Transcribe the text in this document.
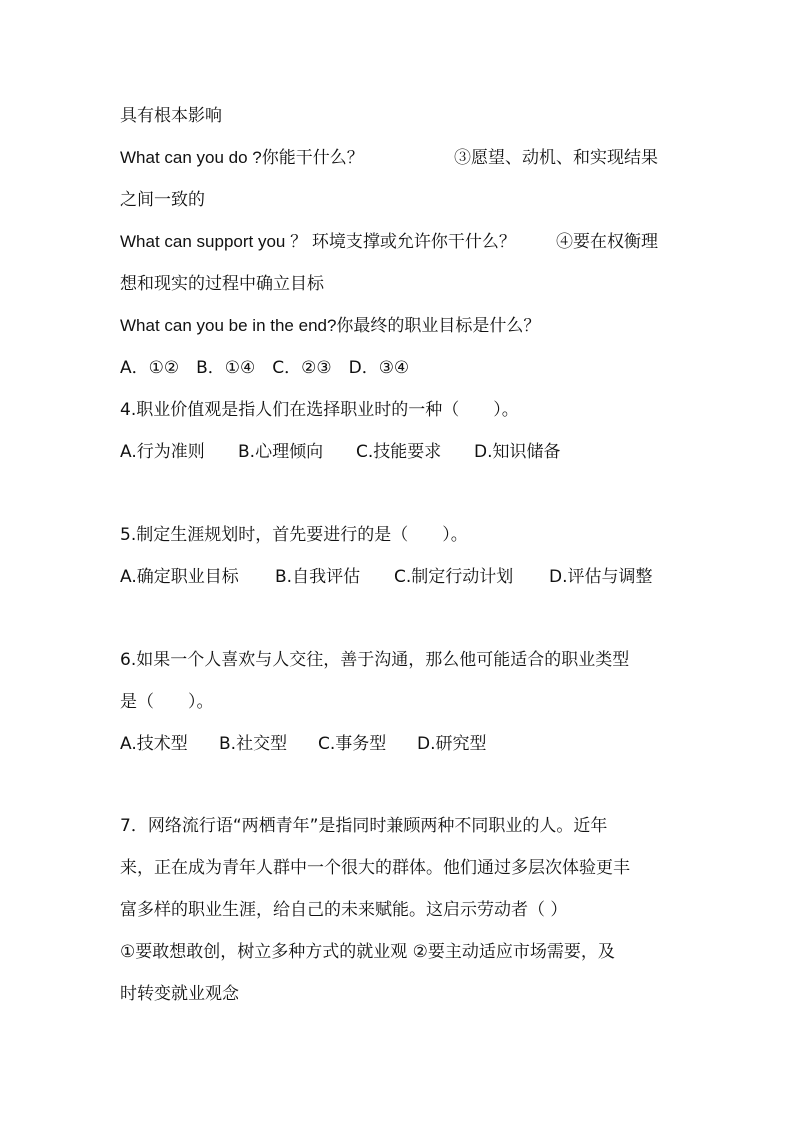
具有根本影响
What can you do ?你能干什么？	③愿望、动机、和实现结果
之间一致的
What can support you ？ 环境支撑或允许你干什么？ ④要在权衡理
想和现实的过程中确立目标
What can you be in the end?你最终的职业目标是什么？
A．①②　B．①④　C．②③　D．③④
4.职业价值观是指人们在选择职业时的一种（　　）。
A.行为准则 B.心理倾向 C.技能要求 D.知识储备
5.制定生涯规划时，首先要进行的是（　　）。
A.确定职业目标 B.自我评估 C.制定行动计划 D.评估与调整
6.如果一个人喜欢与人交往，善于沟通，那么他可能适合的职业类型
是（　　）。
A.技术型 B.社交型 C.事务型 D.研究型
7．网络流行语“两栖青年”是指同时兼顾两种不同职业的人。近年
来，正在成为青年人群中一个很大的群体。他们通过多层次体验更丰
富多样的职业生涯，给自己的未来赋能。这启示劳动者（ ）
①要敢想敢创，树立多种方式的就业观 ②要主动适应市场需要，及
时转变就业观念
